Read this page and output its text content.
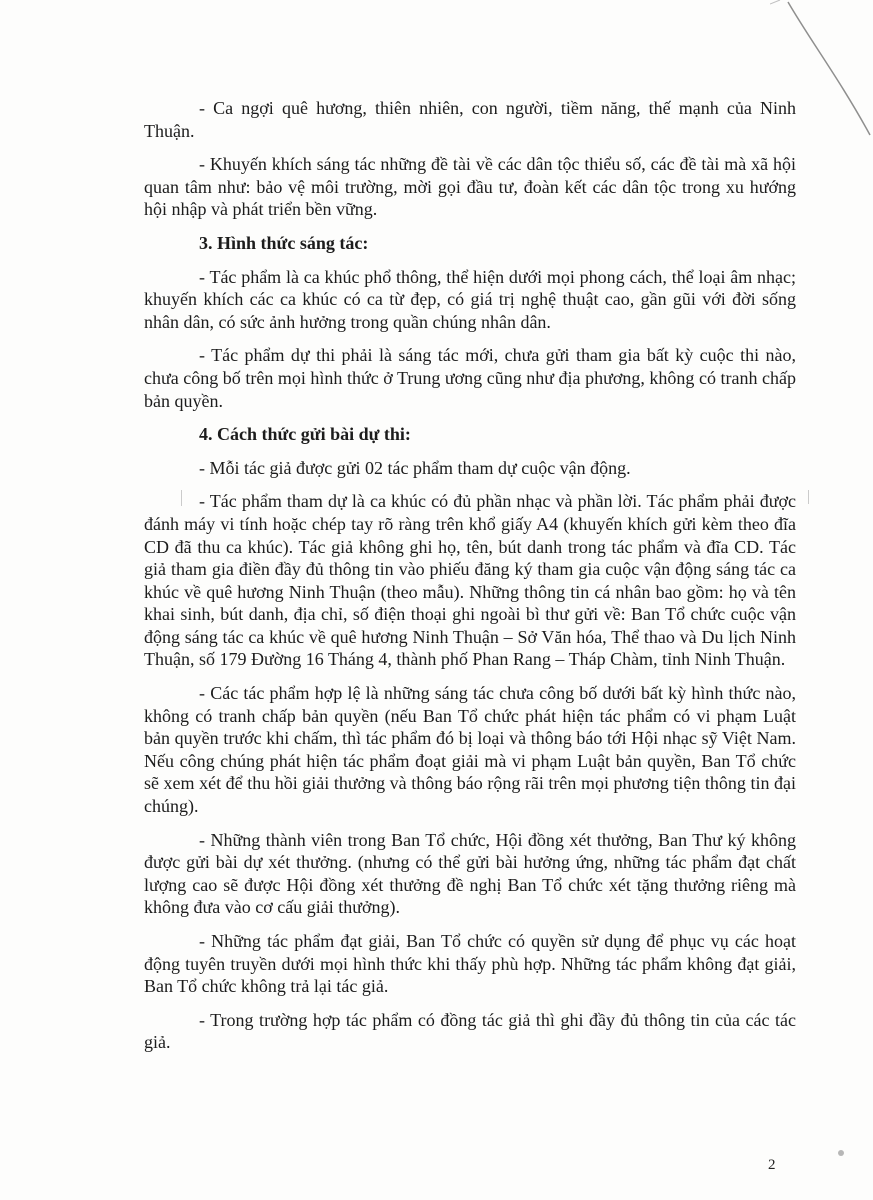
- Ca ngợi quê hương, thiên nhiên, con người, tiềm năng, thế mạnh của Ninh Thuận.

- Khuyến khích sáng tác những đề tài về các dân tộc thiểu số, các đề tài mà xã hội quan tâm như: bảo vệ môi trường, mời gọi đầu tư, đoàn kết các dân tộc trong xu hướng hội nhập và phát triển bền vững.

3. Hình thức sáng tác:

- Tác phẩm là ca khúc phổ thông, thể hiện dưới mọi phong cách, thể loại âm nhạc; khuyến khích các ca khúc có ca từ đẹp, có giá trị nghệ thuật cao, gần gũi với đời sống nhân dân, có sức ảnh hưởng trong quần chúng nhân dân.

- Tác phẩm dự thi phải là sáng tác mới, chưa gửi tham gia bất kỳ cuộc thi nào, chưa công bố trên mọi hình thức ở Trung ương cũng như địa phương, không có tranh chấp bản quyền.

4. Cách thức gửi bài dự thi:

- Mỗi tác giả được gửi 02 tác phẩm tham dự cuộc vận động.

- Tác phẩm tham dự là ca khúc có đủ phần nhạc và phần lời. Tác phẩm phải được đánh máy vi tính hoặc chép tay rõ ràng trên khổ giấy A4 (khuyến khích gửi kèm theo đĩa CD đã thu ca khúc). Tác giả không ghi họ, tên, bút danh trong tác phẩm và đĩa CD. Tác giả tham gia điền đầy đủ thông tin vào phiếu đăng ký tham gia cuộc vận động sáng tác ca khúc về quê hương Ninh Thuận (theo mẫu). Những thông tin cá nhân bao gồm: họ và tên khai sinh, bút danh, địa chỉ, số điện thoại ghi ngoài bì thư gửi về: Ban Tổ chức cuộc vận động sáng tác ca khúc về quê hương Ninh Thuận – Sở Văn hóa, Thể thao và Du lịch Ninh Thuận, số 179 Đường 16 Tháng 4, thành phố Phan Rang – Tháp Chàm, tỉnh Ninh Thuận.

- Các tác phẩm hợp lệ là những sáng tác chưa công bố dưới bất kỳ hình thức nào, không có tranh chấp bản quyền (nếu Ban Tổ chức phát hiện tác phẩm có vi phạm Luật bản quyền trước khi chấm, thì tác phẩm đó bị loại và thông báo tới Hội nhạc sỹ Việt Nam. Nếu công chúng phát hiện tác phẩm đoạt giải mà vi phạm Luật bản quyền, Ban Tổ chức sẽ xem xét để thu hồi giải thưởng và thông báo rộng rãi trên mọi phương tiện thông tin đại chúng).

- Những thành viên trong Ban Tổ chức, Hội đồng xét thưởng, Ban Thư ký không được gửi bài dự xét thưởng. (nhưng có thể gửi bài hưởng ứng, những tác phẩm đạt chất lượng cao sẽ được Hội đồng xét thưởng đề nghị Ban Tổ chức xét tặng thưởng riêng mà không đưa vào cơ cấu giải thưởng).

- Những tác phẩm đạt giải, Ban Tổ chức có quyền sử dụng để phục vụ các hoạt động tuyên truyền dưới mọi hình thức khi thấy phù hợp. Những tác phẩm không đạt giải, Ban Tổ chức không trả lại tác giả.

- Trong trường hợp tác phẩm có đồng tác giả thì ghi đầy đủ thông tin của các tác giả.

2
